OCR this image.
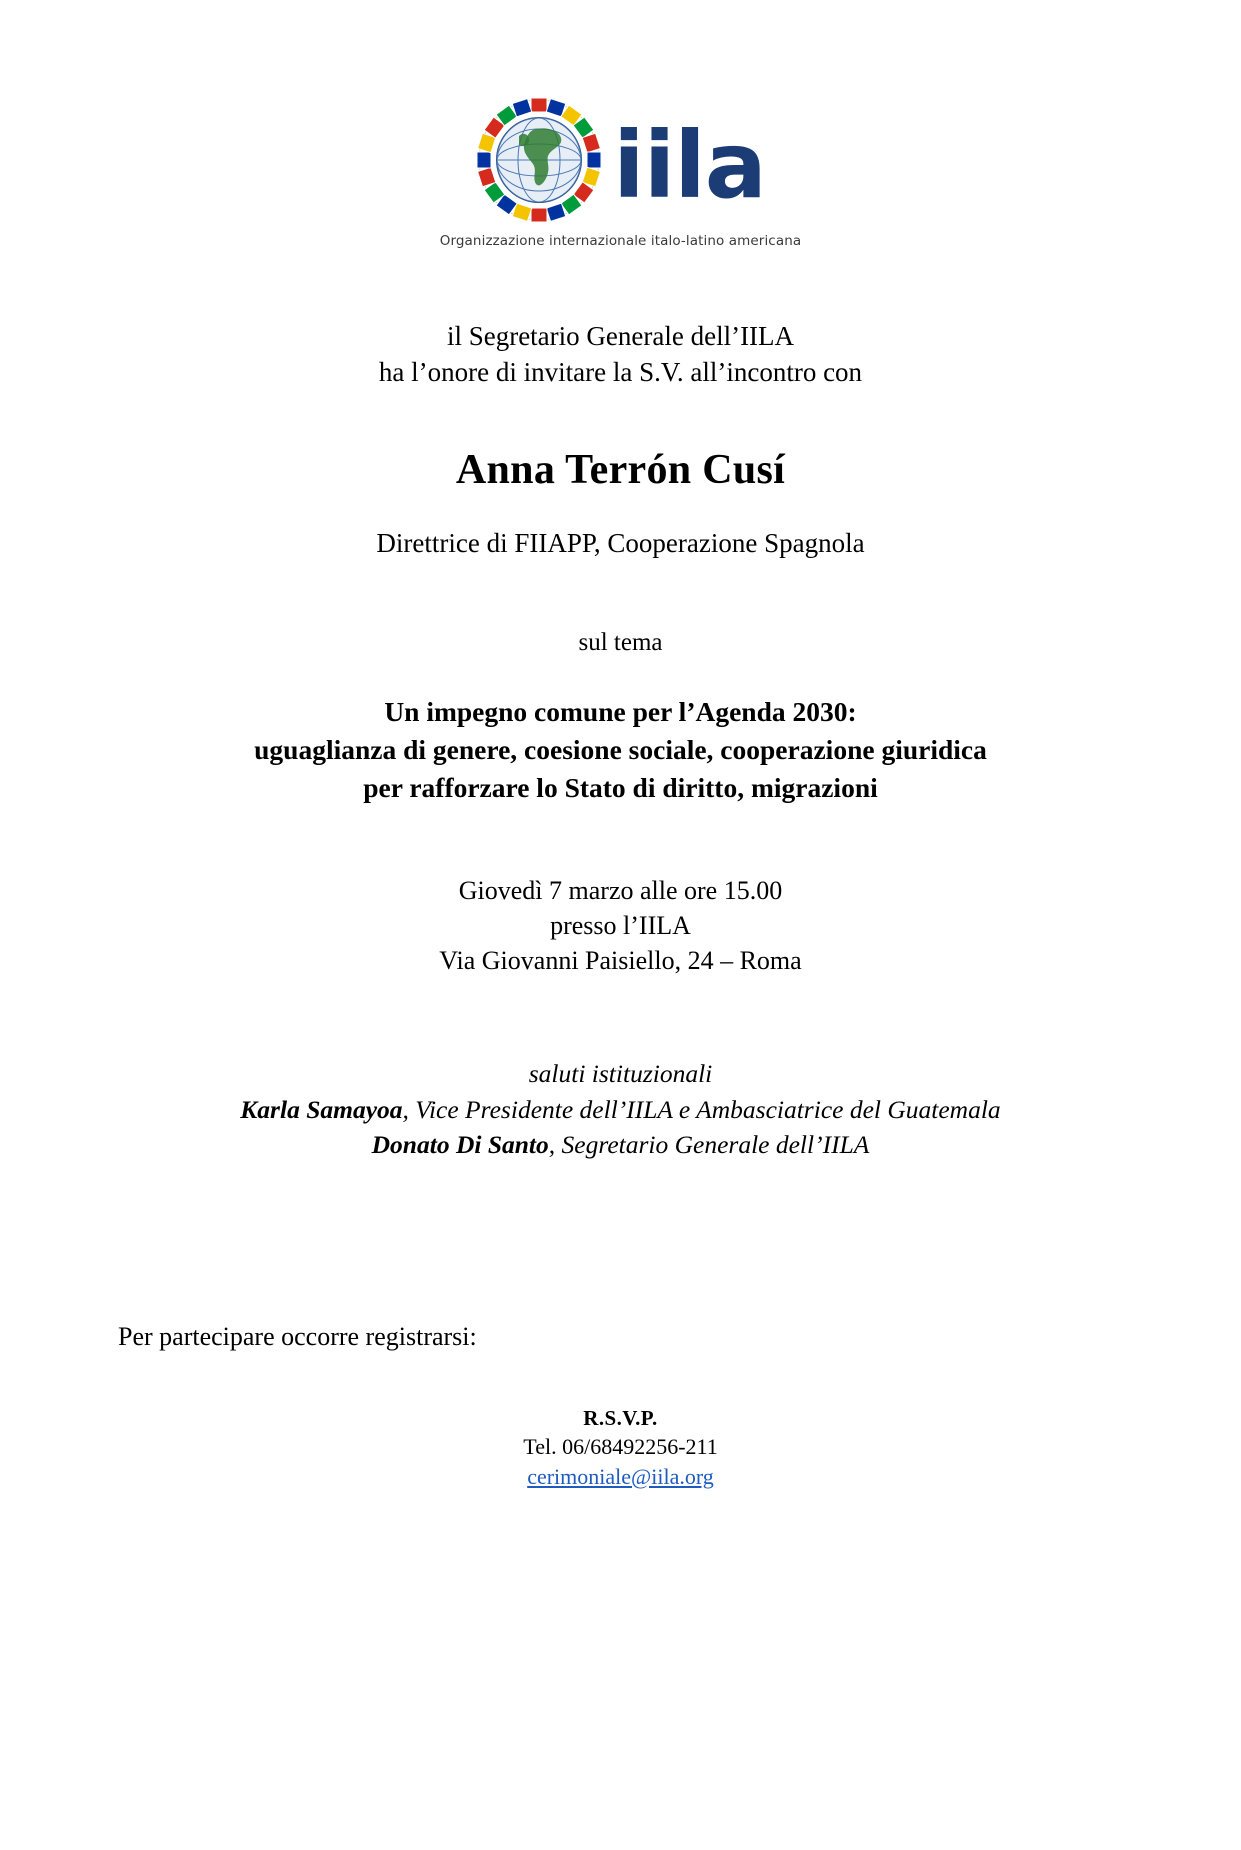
iila
Organizzazione internazionale italo-latino americana
il Segretario Generale dell’IILA
ha l’onore di invitare la S.V. all’incontro con
Anna Terrón Cusí
Direttrice di FIIAPP, Cooperazione Spagnola
sul tema
Un impegno comune per l’Agenda 2030:
uguaglianza di genere, coesione sociale, cooperazione giuridica
per rafforzare lo Stato di diritto, migrazioni
Giovedì 7 marzo alle ore 15.00
presso l’IILA
Via Giovanni Paisiello, 24 – Roma
saluti istituzionali
Karla Samayoa, Vice Presidente dell’IILA e Ambasciatrice del Guatemala
Donato Di Santo, Segretario Generale dell’IILA
Per partecipare occorre registrarsi:
R.S.V.P.
Tel. 06/68492256-211
cerimoniale@iila.org
